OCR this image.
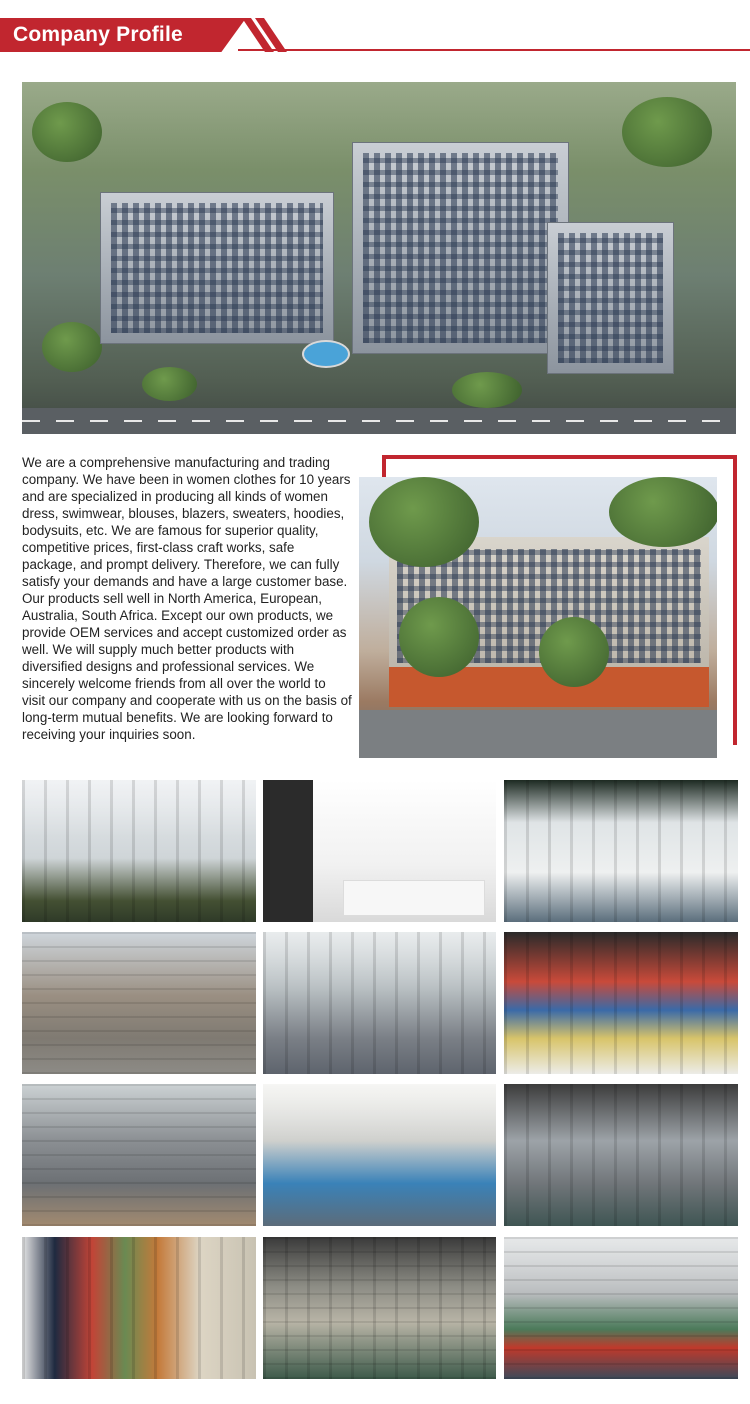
Company Profile

We are a comprehensive manufacturing and trading company. We have been in women clothes for 10 years and are specialized in producing all kinds of women dress, swimwear, blouses, blazers, sweaters, hoodies, bodysuits, etc. We are famous for superior quality, competitive prices, first-class craft works, safe package, and prompt delivery. Therefore, we can fully satisfy your demands and have a large customer base. Our products sell well in North America, European, Australia, South Africa. Except our own products, we provide OEM services and accept customized order as well. We will supply much better products with diversified designs and professional services. We sincerely welcome friends from all over the world to visit our company and cooperate with us on the basis of long-term mutual benefits. We are looking forward to receiving your inquiries soon.
